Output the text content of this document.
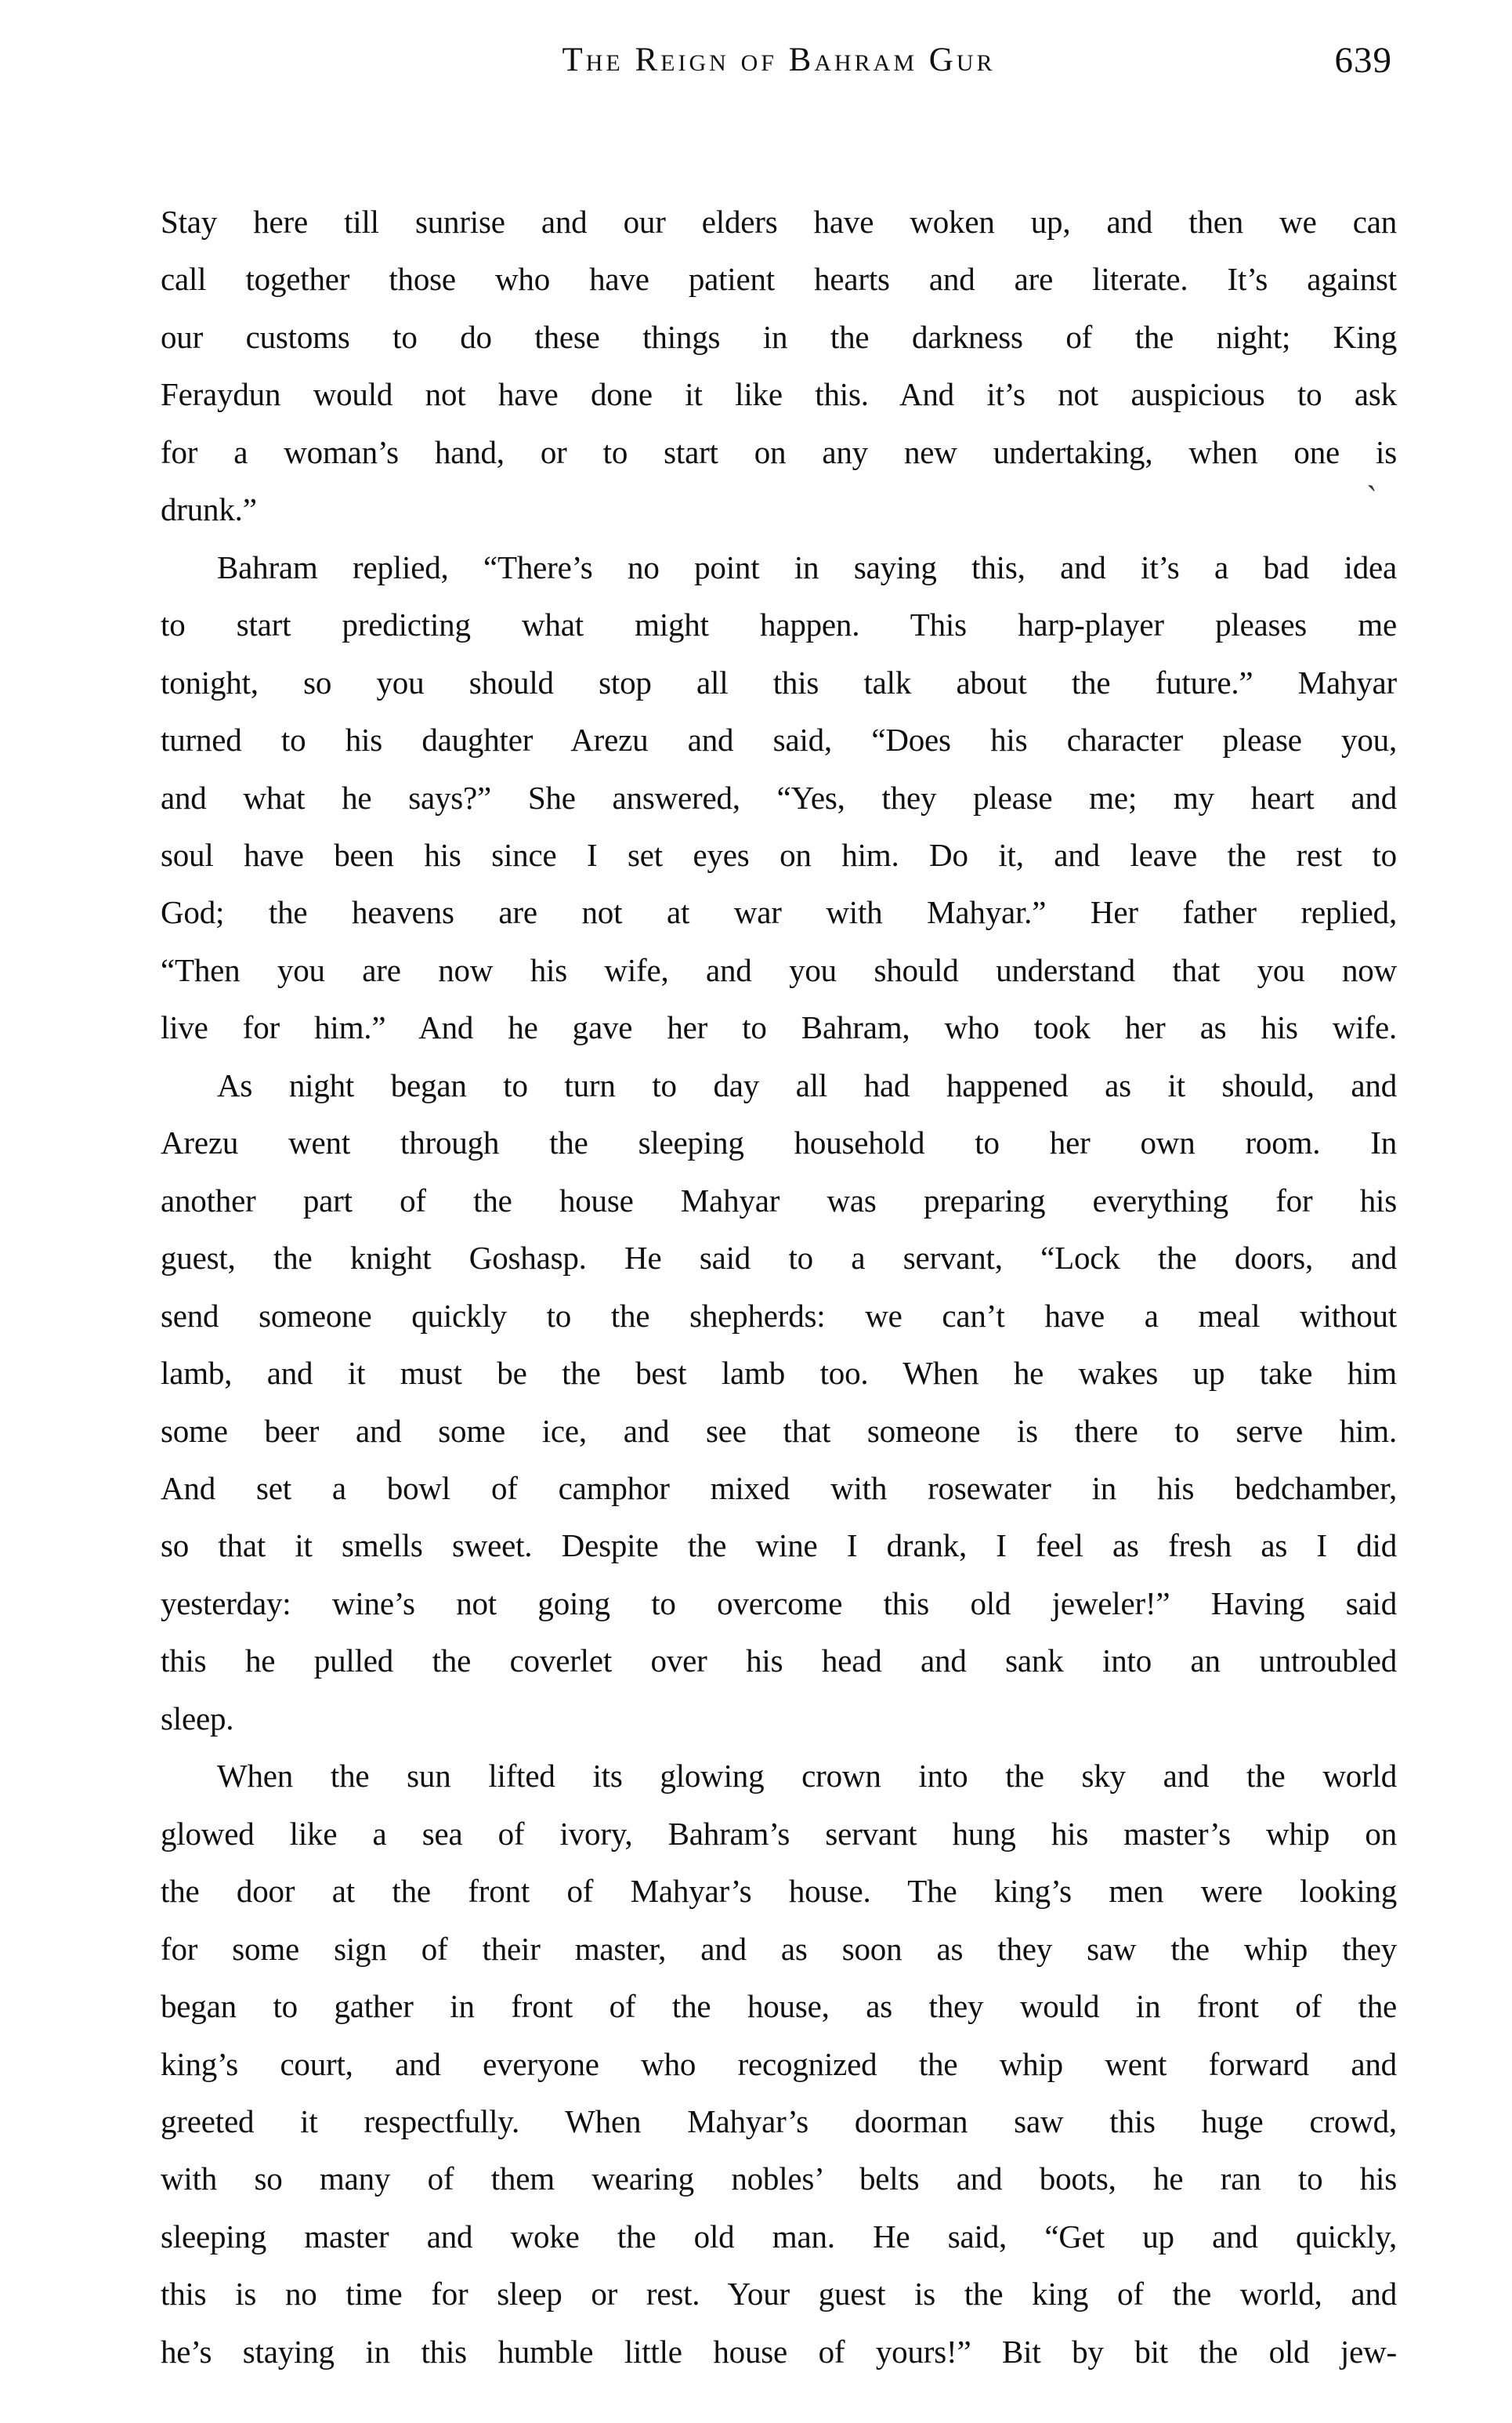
The Reign of Bahram Gur	639
Stay here till sunrise and our elders have woken up, and then we can
call together those who have patient hearts and are literate. It’s against
our customs to do these things in the darkness of the night; King
Feraydun would not have done it like this. And it’s not auspicious to ask
for a woman’s hand, or to start on any new undertaking, when one is
drunk.”
Bahram replied, “There’s no point in saying this, and it’s a bad idea
to start predicting what might happen. This harp-player pleases me
tonight, so you should stop all this talk about the future.” Mahyar
turned to his daughter Arezu and said, “Does his character please you,
and what he says?” She answered, “Yes, they please me; my heart and
soul have been his since I set eyes on him. Do it, and leave the rest to
God; the heavens are not at war with Mahyar.” Her father replied,
“Then you are now his wife, and you should understand that you now
live for him.” And he gave her to Bahram, who took her as his wife.
As night began to turn to day all had happened as it should, and
Arezu went through the sleeping household to her own room. In
another part of the house Mahyar was preparing everything for his
guest, the knight Goshasp. He said to a servant, “Lock the doors, and
send someone quickly to the shepherds: we can’t have a meal without
lamb, and it must be the best lamb too. When he wakes up take him
some beer and some ice, and see that someone is there to serve him.
And set a bowl of camphor mixed with rosewater in his bedchamber,
so that it smells sweet. Despite the wine I drank, I feel as fresh as I did
yesterday: wine’s not going to overcome this old jeweler!” Having said
this he pulled the coverlet over his head and sank into an untroubled
sleep.
When the sun lifted its glowing crown into the sky and the world
glowed like a sea of ivory, Bahram’s servant hung his master’s whip on
the door at the front of Mahyar’s house. The king’s men were looking
for some sign of their master, and as soon as they saw the whip they
began to gather in front of the house, as they would in front of the
king’s court, and everyone who recognized the whip went forward and
greeted it respectfully. When Mahyar’s doorman saw this huge crowd,
with so many of them wearing nobles’ belts and boots, he ran to his
sleeping master and woke the old man. He said, “Get up and quickly,
this is no time for sleep or rest. Your guest is the king of the world, and
he’s staying in this humble little house of yours!” Bit by bit the old jew-
`
